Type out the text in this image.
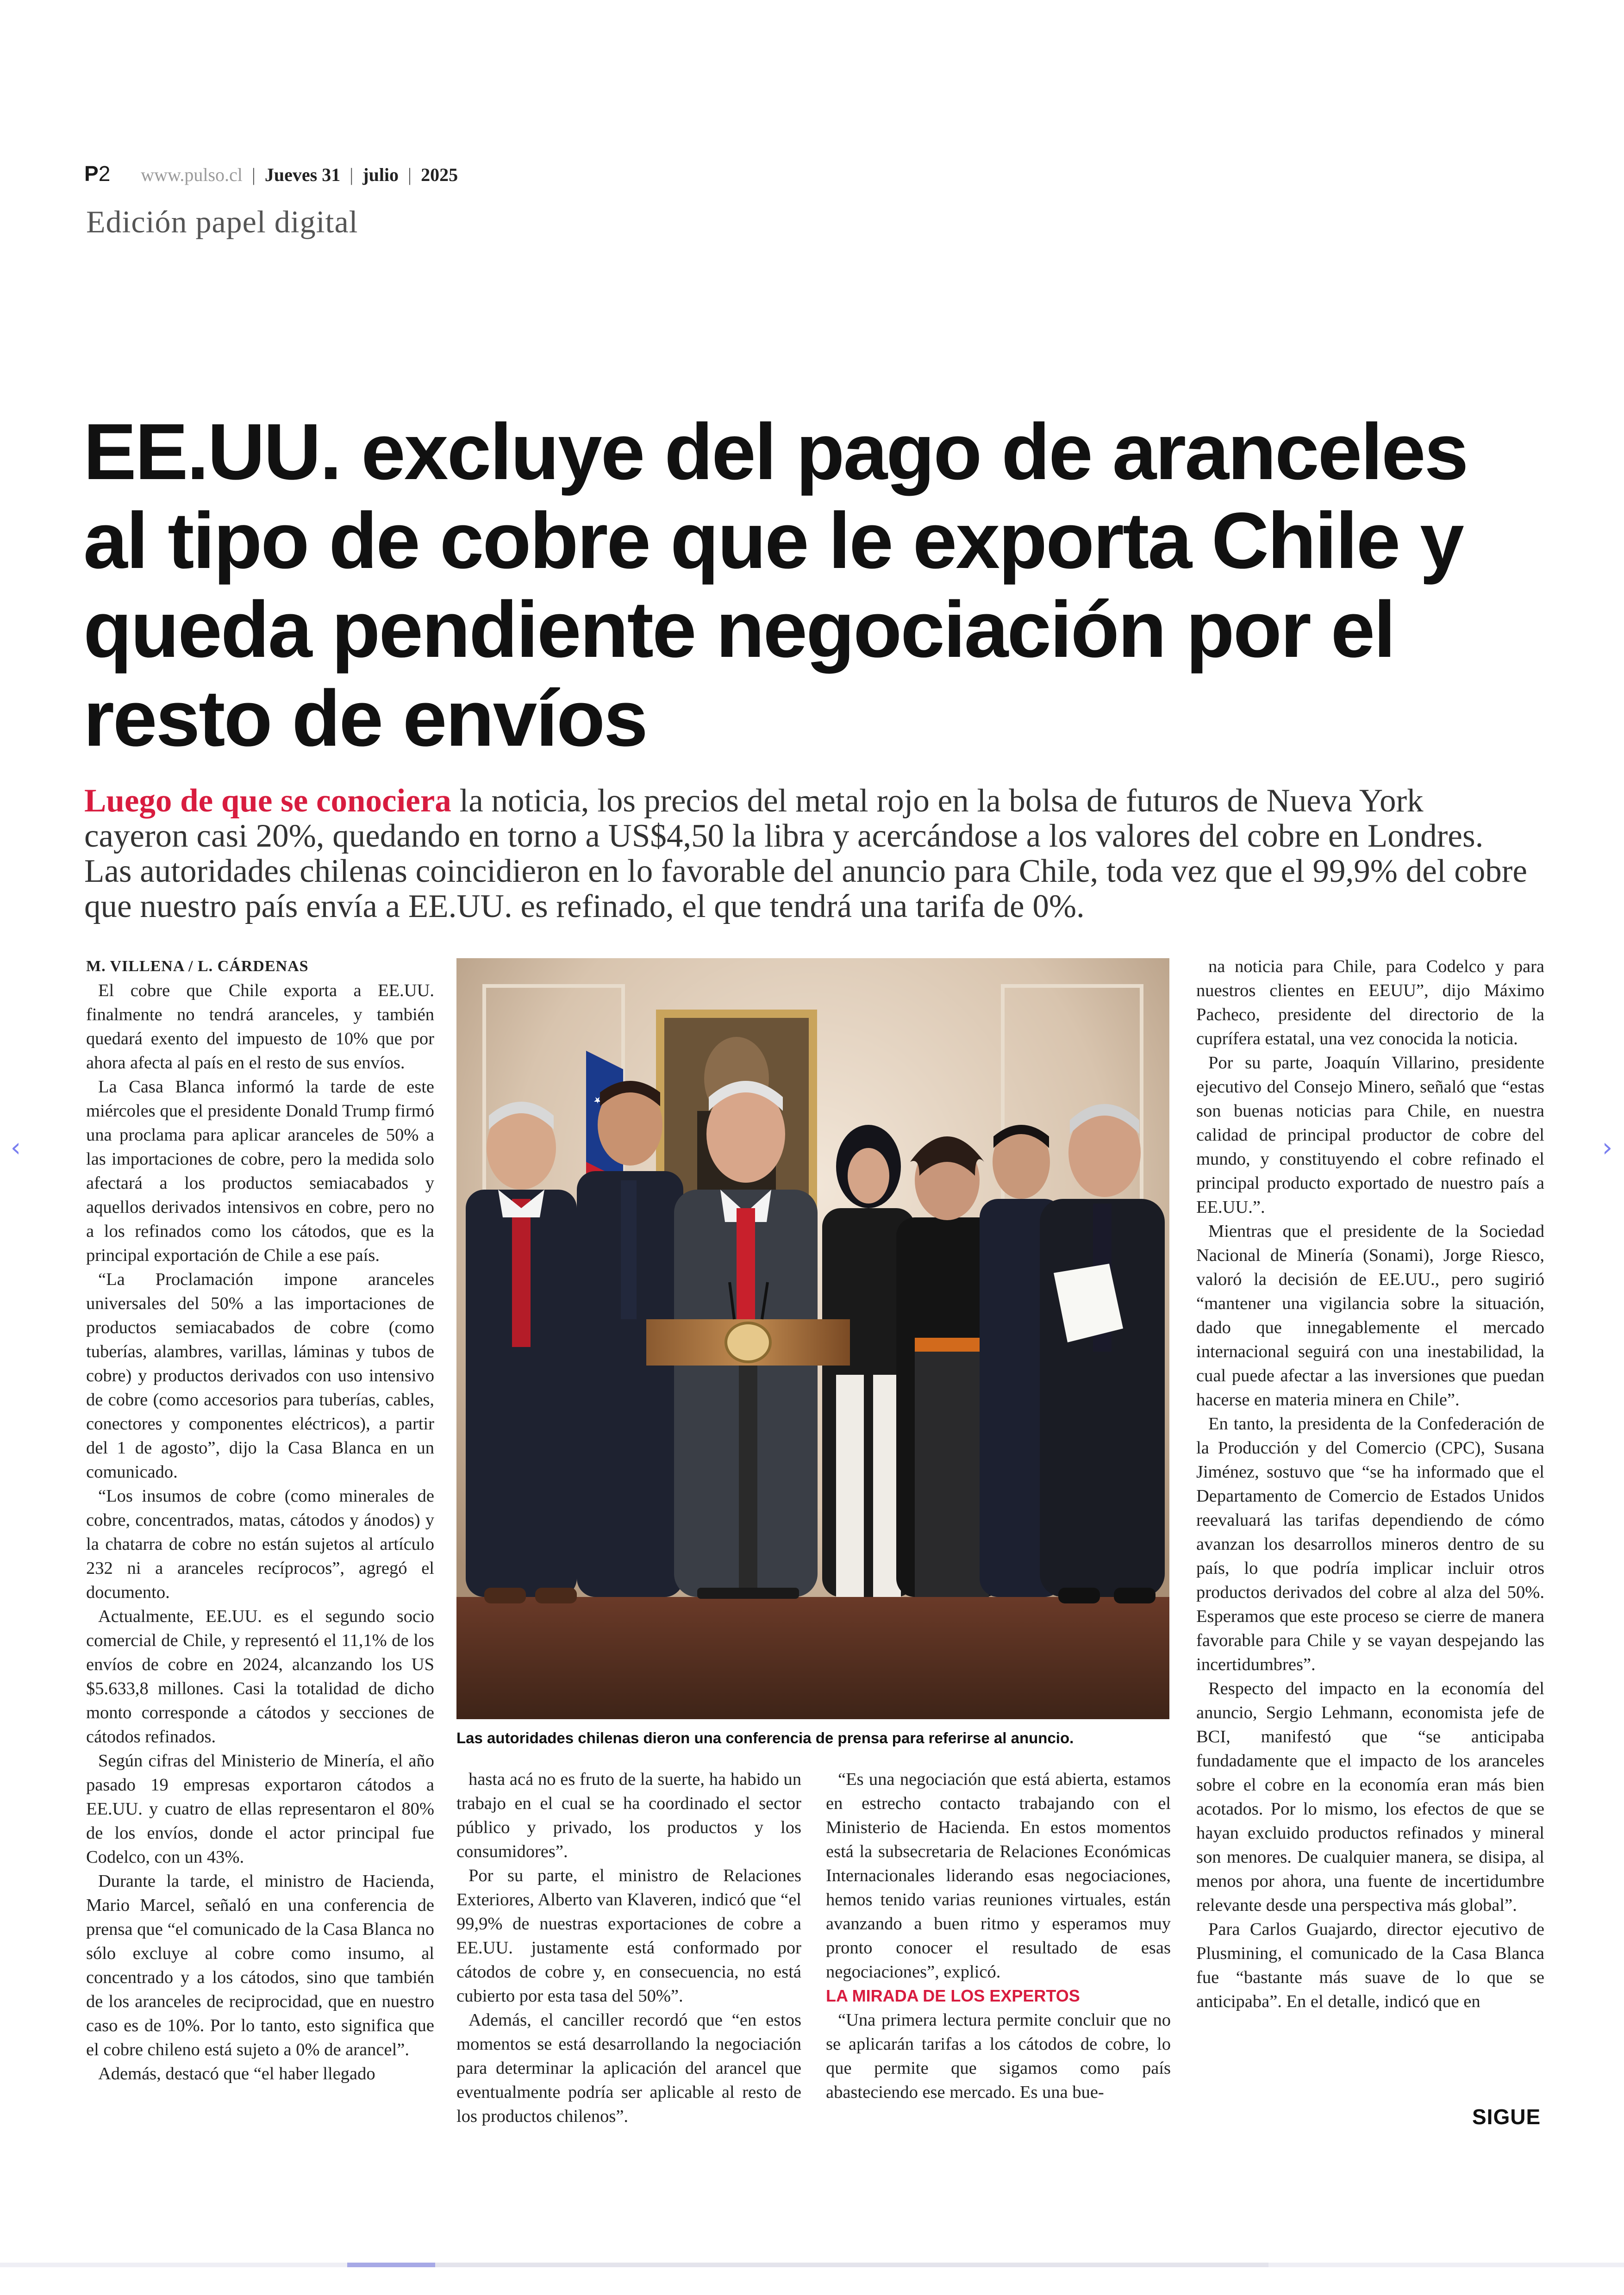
P2 www.pulso.cl | Jueves 31 | julio | 2025
Edición papel digital
EE.UU. excluye del pago de aranceles al tipo de cobre que le exporta Chile y queda pendiente negociación por el resto de envíos

Luego de que se conociera la noticia, los precios del metal rojo en la bolsa de futuros de Nueva York cayeron casi 20%, quedando en torno a US$4,50 la libra y acercándose a los valores del cobre en Londres. Las autoridades chilenas coincidieron en lo favorable del anuncio para Chile, toda vez que el 99,9% del cobre que nuestro país envía a EE.UU. es refinado, el que tendrá una tarifa de 0%.

M. VILLENA / L. CÁRDENAS

El cobre que Chile exporta a EE.UU. finalmente no tendrá aranceles, y también quedará exento del impuesto de 10% que por ahora afecta al país en el resto de sus envíos.

La Casa Blanca informó la tarde de este miércoles que el presidente Donald Trump firmó una proclama para aplicar aranceles de 50% a las importaciones de cobre, pero la medida solo afectará a los productos semiacabados y aquellos derivados intensivos en cobre, pero no a los refinados como los cátodos, que es la principal exportación de Chile a ese país.

“La Proclamación impone aranceles universales del 50% a las importaciones de productos semiacabados de cobre (como tuberías, alambres, varillas, láminas y tubos de cobre) y productos derivados con uso intensivo de cobre (como accesorios para tuberías, cables, conectores y componentes eléctricos), a partir del 1 de agosto”, dijo la Casa Blanca en un comunicado.

“Los insumos de cobre (como minerales de cobre, concentrados, matas, cátodos y ánodos) y la chatarra de cobre no están sujetos al artículo 232 ni a aranceles recíprocos”, agregó el documento.

Actualmente, EE.UU. es el segundo socio comercial de Chile, y representó el 11,1% de los envíos de cobre en 2024, alcanzando los US $5.633,8 millones. Casi la totalidad de dicho monto corresponde a cátodos y secciones de cátodos refinados.

Según cifras del Ministerio de Minería, el año pasado 19 empresas exportaron cátodos a EE.UU. y cuatro de ellas representaron el 80% de los envíos, donde el actor principal fue Codelco, con un 43%.

Durante la tarde, el ministro de Hacienda, Mario Marcel, señaló en una conferencia de prensa que “el comunicado de la Casa Blanca no sólo excluye al cobre como insumo, al concentrado y a los cátodos, sino que también de los aranceles de reciprocidad, que en nuestro caso es de 10%. Por lo tanto, esto significa que el cobre chileno está sujeto a 0% de arancel”.

Además, destacó que “el haber llegado

Las autoridades chilenas dieron una conferencia de prensa para referirse al anuncio.

hasta acá no es fruto de la suerte, ha habido un trabajo en el cual se ha coordinado el sector público y privado, los productos y los consumidores”.

Por su parte, el ministro de Relaciones Exteriores, Alberto van Klaveren, indicó que “el 99,9% de nuestras exportaciones de cobre a EE.UU. justamente está conformado por cátodos de cobre y, en consecuencia, no está cubierto por esta tasa del 50%”.

Además, el canciller recordó que “en estos momentos se está desarrollando la negociación para determinar la aplicación del arancel que eventualmente podría ser aplicable al resto de los productos chilenos”.

“Es una negociación que está abierta, estamos en estrecho contacto trabajando con el Ministerio de Hacienda. En estos momentos está la subsecretaria de Relaciones Económicas Internacionales liderando esas negociaciones, hemos tenido varias reuniones virtuales, están avanzando a buen ritmo y esperamos muy pronto conocer el resultado de esas negociaciones”, explicó.

LA MIRADA DE LOS EXPERTOS

“Una primera lectura permite concluir que no se aplicarán tarifas a los cátodos de cobre, lo que permite que sigamos como país abasteciendo ese mercado. Es una bue-

na noticia para Chile, para Codelco y para nuestros clientes en EEUU”, dijo Máximo Pacheco, presidente del directorio de la cuprífera estatal, una vez conocida la noticia.

Por su parte, Joaquín Villarino, presidente ejecutivo del Consejo Minero, señaló que “estas son buenas noticias para Chile, en nuestra calidad de principal productor de cobre del mundo, y constituyendo el cobre refinado el principal producto exportado de nuestro país a EE.UU.”.

Mientras que el presidente de la Sociedad Nacional de Minería (Sonami), Jorge Riesco, valoró la decisión de EE.UU., pero sugirió “mantener una vigilancia sobre la situación, dado que innegablemente el mercado internacional seguirá con una inestabilidad, la cual puede afectar a las inversiones que puedan hacerse en materia minera en Chile”.

En tanto, la presidenta de la Confederación de la Producción y del Comercio (CPC), Susana Jiménez, sostuvo que “se ha informado que el Departamento de Comercio de Estados Unidos reevaluará las tarifas dependiendo de cómo avanzan los desarrollos mineros dentro de su país, lo que podría implicar incluir otros productos derivados del cobre al alza del 50%. Esperamos que este proceso se cierre de manera favorable para Chile y se vayan despejando las incertidumbres”.

Respecto del impacto en la economía del anuncio, Sergio Lehmann, economista jefe de BCI, manifestó que “se anticipaba fundadamente que el impacto de los aranceles sobre el cobre en la economía eran más bien acotados. Por lo mismo, los efectos de que se hayan excluido productos refinados y mineral son menores. De cualquier manera, se disipa, al menos por ahora, una fuente de incertidumbre relevante desde una perspectiva más global”.

Para Carlos Guajardo, director ejecutivo de Plusmining, el comunicado de la Casa Blanca fue “bastante más suave de lo que se anticipaba”. En el detalle, indicó que en

SIGUE
‹	›
